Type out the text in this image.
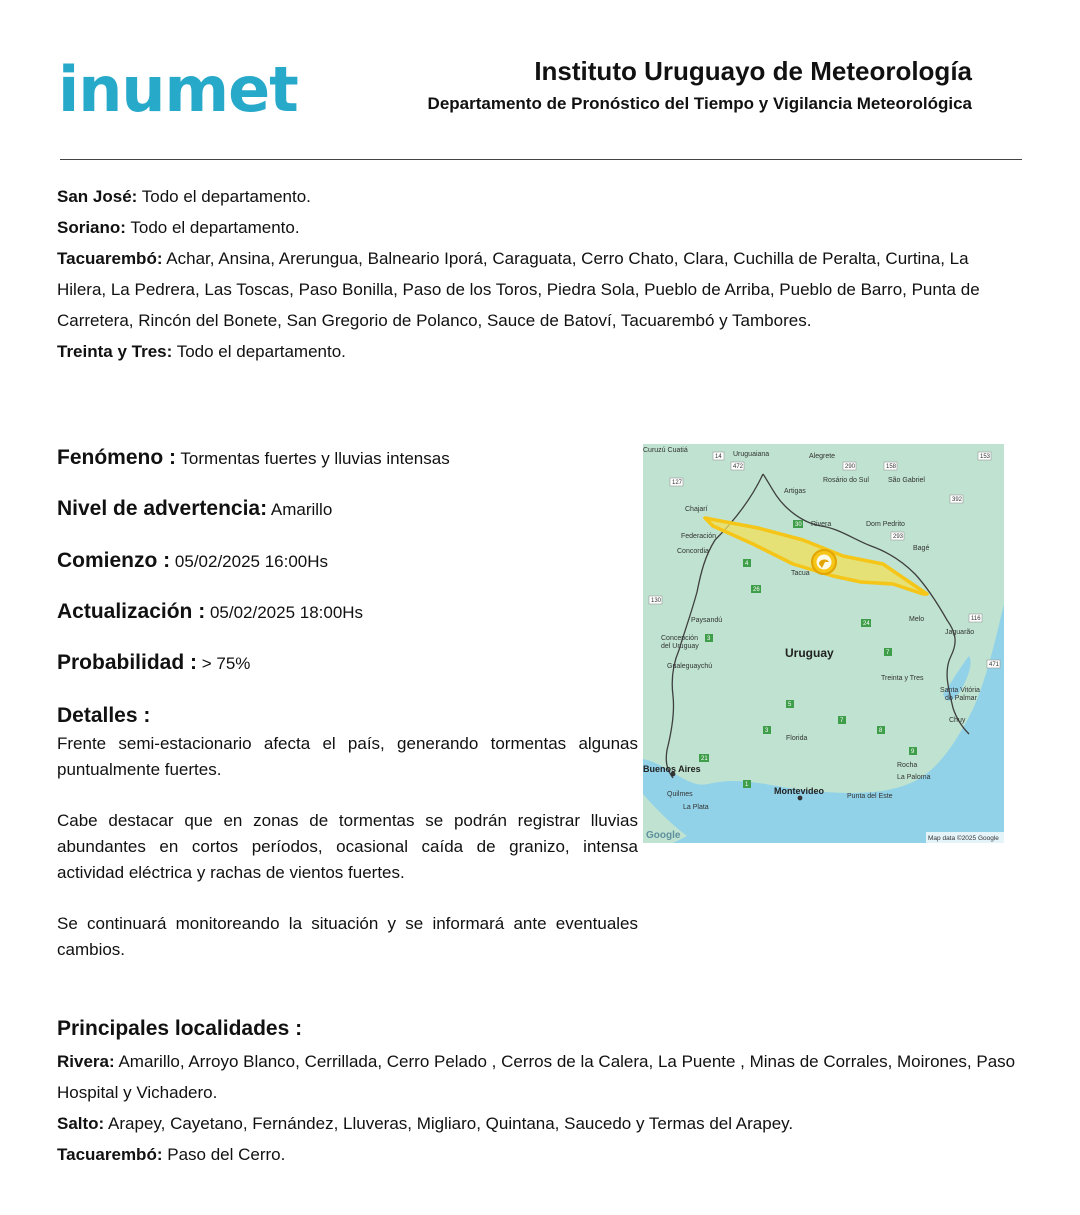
inumet	Instituto Uruguayo de Meteorología
Departamento de Pronóstico del Tiempo y Vigilancia Meteorológica

San José: Todo el departamento.

Soriano: Todo el departamento.

Tacuarembó: Achar, Ansina, Arerungua, Balneario Iporá, Caraguata, Cerro Chato, Clara, Cuchilla de Peralta, Curtina, La Hilera, La Pedrera, Las Toscas, Paso Bonilla, Paso de los Toros, Piedra Sola, Pueblo de Arriba, Pueblo de Barro, Punta de Carretera, Rincón del Bonete, San Gregorio de Polanco, Sauce de Batoví, Tacuarembó y Tambores.

Treinta y Tres: Todo el departamento.

Fenómeno : Tormentas fuertes y lluvias intensas
Nivel de advertencia: Amarillo
Comienzo : 05/02/2025 16:00Hs
Actualización : 05/02/2025 18:00Hs
Probabilidad : > 75%
Detalles :

Frente semi-estacionario afecta el país, generando tormentas algunas puntualmente fuertes.

Cabe destacar que en zonas de tormentas se podrán registrar lluvias abundantes en cortos períodos, ocasional caída de granizo, intensa actividad eléctrica y rachas de vientos fuertes.

Se continuará monitoreando la situación y se informará ante eventuales cambios.

14
472
127
290	158
153
293
392
30
4
26
130
3
7
5
7
8
3
9
24
116
471
21
1
Curuzú Cuatiá
Uruguaiana	Alegrete
Rosário do Sul	São Gabriel
Artigas
Chajarí
Federación
Rivera	Dom Pedrito
Concordia	Bagé
Tacua
Paysandú
Concepción
del Uruguay
Melo
Jaguarão
Gualeguaychú
Treinta y Tres
Santa Vitória
do Palmar
Chuy
Florida
Rocha
La Paloma
Quilmes
La Plata
Punta del Este
Buenos Aires
Montevideo
Uruguay
Google	Map data ©2025 Google
Principales localidades :

Rivera: Amarillo, Arroyo Blanco, Cerrillada, Cerro Pelado , Cerros de la Calera, La Puente , Minas de Corrales, Moirones, Paso Hospital y Vichadero.

Salto: Arapey, Cayetano, Fernández, Lluveras, Migliaro, Quintana, Saucedo y Termas del Arapey.

Tacuarembó: Paso del Cerro.
